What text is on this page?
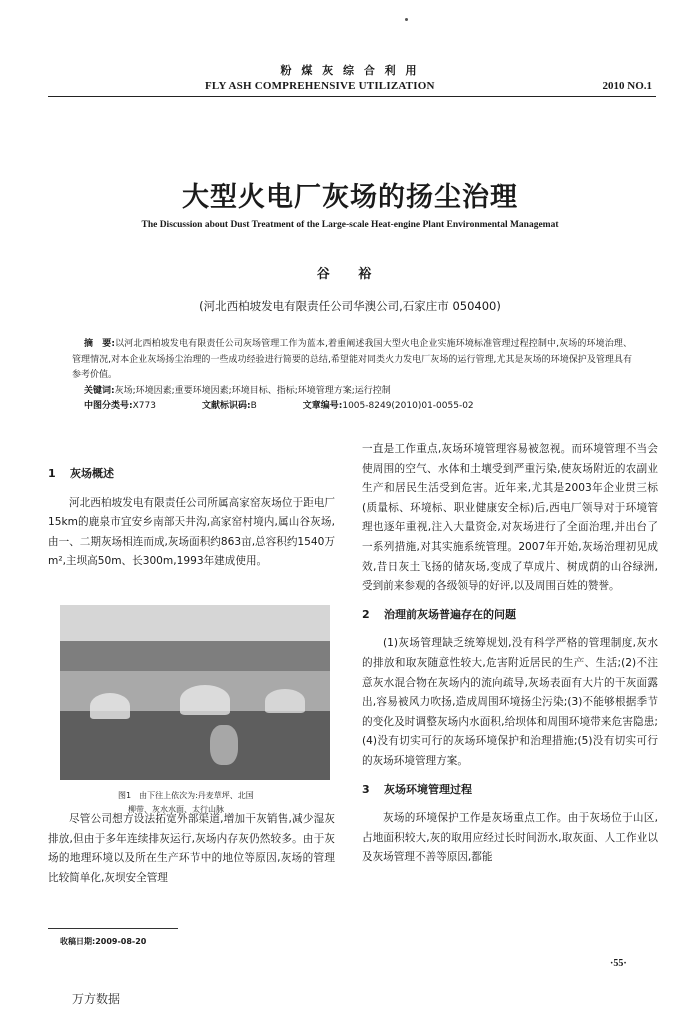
粉 煤 灰 综 合 利 用
FLY ASH COMPREHENSIVE UTILIZATION	2010 NO.1
大型火电厂灰场的扬尘治理
The Discussion about Dust Treatment of the Large-scale Heat-engine Plant Environmental Managemat
谷 裕
(河北西柏坡发电有限责任公司华澳公司,石家庄市 050400)

摘　要:以河北西柏坡发电有限责任公司灰场管理工作为蓝本,着重阐述我国大型火电企业实施环境标准管理过程控制中,灰场的环境治理、管理情况,对本企业灰场扬尘治理的一些成功经验进行简要的总结,希望能对同类火力发电厂灰场的运行管理,尤其是灰场的环境保护及管理具有参考价值。

关键词:灰场;环境因素;重要环境因素;环境目标、指标;环境管理方案;运行控制

中图分类号:X773	文献标识码:B	文章编号:1005-8249(2010)01-0055-02

1 灰场概述

河北西柏坡发电有限责任公司所属高家窑灰场位于距电厂15km的鹿泉市宜安乡南部天井沟,高家窑村境内,属山谷灰场,由一、二期灰场相连而成,灰场面积约863亩,总容积约1540万m²,主坝高50m、长300m,1993年建成使用。

图1　由下往上依次为:丹麦草坪、北国
柳带、灰水水面、太行山脉

尽管公司想方设法拓宽外部渠道,增加干灰销售,减少湿灰排放,但由于多年连续排灰运行,灰场内存灰仍然较多。由于灰场的地理环境以及所在生产环节中的地位等原因,灰场的管理比较简单化,灰坝安全管理

一直是工作重点,灰场环境管理容易被忽视。而环境管理不当会使周围的空气、水体和土壤受到严重污染,使灰场附近的农副业生产和居民生活受到危害。近年来,尤其是2003年企业贯三标(质量标、环境标、职业健康安全标)后,西电厂领导对于环境管理也逐年重视,注入大量资金,对灰场进行了全面治理,并出台了一系列措施,对其实施系统管理。2007年开始,灰场治理初见成效,昔日灰土飞扬的储灰场,变成了草成片、树成荫的山谷绿洲,受到前来参观的各级领导的好评,以及周围百姓的赞誉。

2 治理前灰场普遍存在的问题

(1)灰场管理缺乏统筹规划,没有科学严格的管理制度,灰水的排放和取灰随意性较大,危害附近居民的生产、生活;(2)不注意灰水混合物在灰场内的流向疏导,灰场表面有大片的干灰面露出,容易被风力吹扬,造成周围环境扬尘污染;(3)不能够根据季节的变化及时调整灰场内水面积,给坝体和周围环境带来危害隐患;(4)没有切实可行的灰场环境保护和治理措施;(5)没有切实可行的灰场环境管理方案。

3 灰场环境管理过程

灰场的环境保护工作是灰场重点工作。由于灰场位于山区,占地面积较大,灰的取用应经过长时间沥水,取灰面、人工作业以及灰场管理不善等原因,都能

收稿日期:2009-08-20
·55·
万方数据
